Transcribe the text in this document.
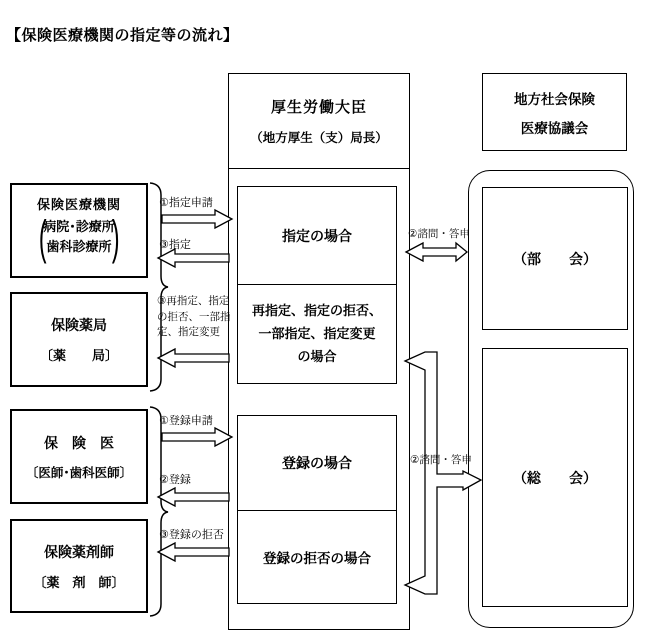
【保険医療機関の指定等の流れ】
保険医療機関
(
病院･診療所
歯科診療所 )
保険薬局
〔薬　　局〕
保　険　医
〔医師･歯科医師〕
保険薬剤師
〔薬　剤　師〕
厚生労働大臣
（地方厚生（支）局長）
指定の場合
再指定、指定の拒否、
一部指定、指定変更
の場合
登録の場合
登録の拒否の場合
地方社会保険
医療協議会
（部　　会）
（総　　会）
①指定申請
③指定
③再指定、指定
の拒否、一部指
定、指定変更
①登録申請
②登録
③登録の拒否
②諮問・答申
②諮問・答申
